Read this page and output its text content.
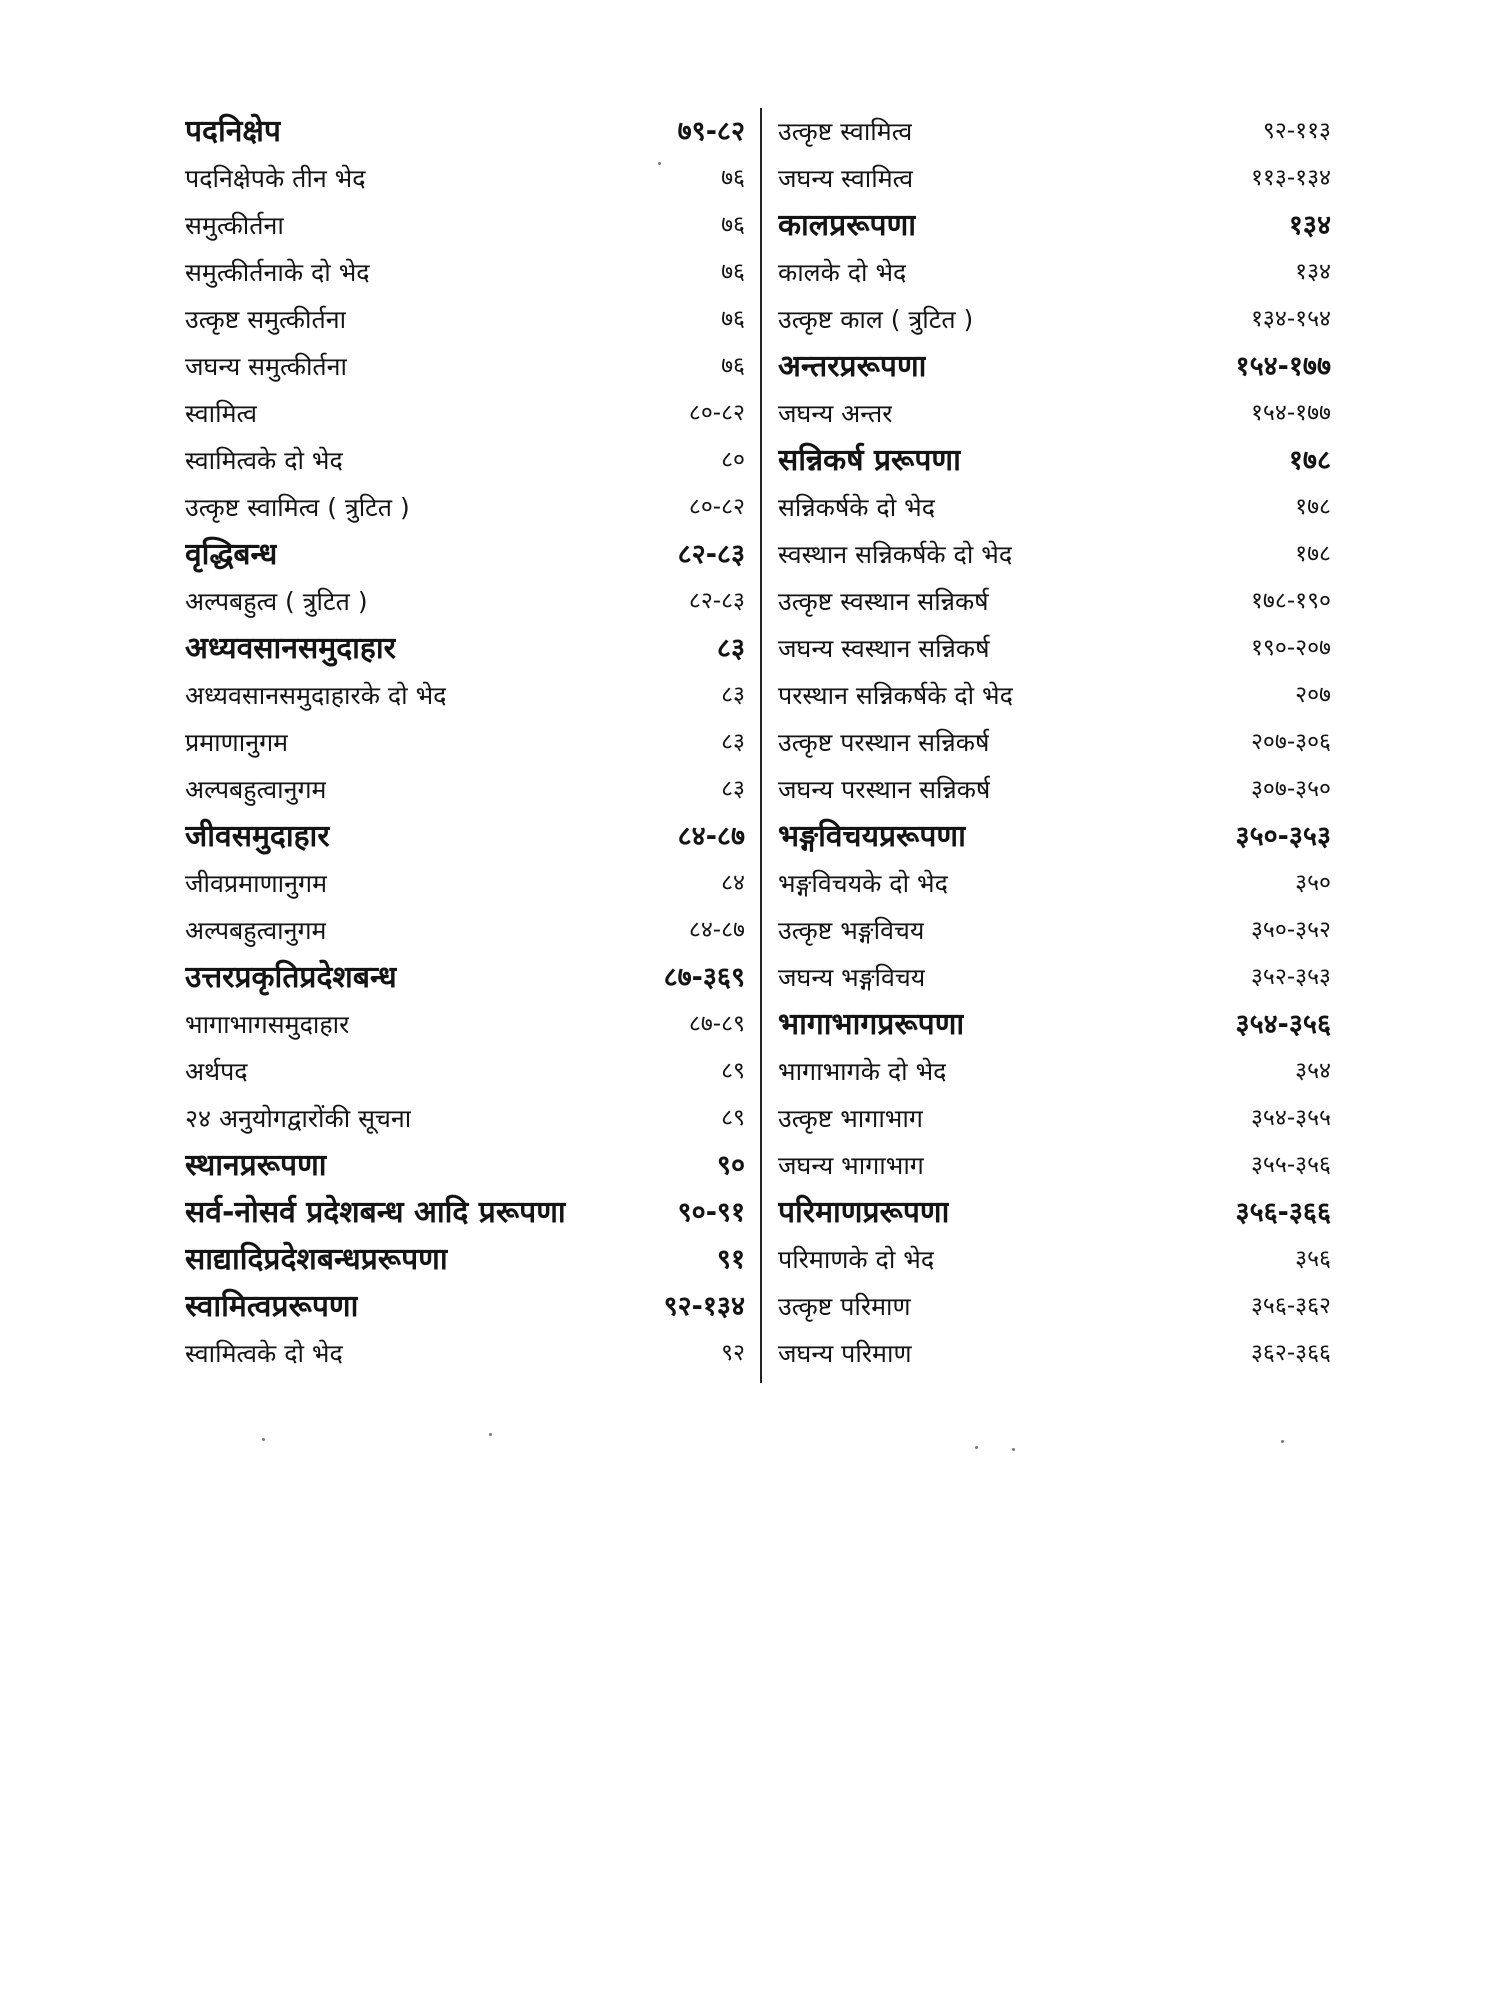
पदनिक्षेप	७९-८२
पदनिक्षेपके तीन भेद	७६
समुत्कीर्तना	७६
समुत्कीर्तनाके दो भेद	७६
उत्कृष्ट समुत्कीर्तना	७६
जघन्य समुत्कीर्तना	७६
स्वामित्व	८०-८२
स्वामित्वके दो भेद	८०
उत्कृष्ट स्वामित्व ( त्रुटित )	८०-८२
वृद्धिबन्ध	८२-८३
अल्पबहुत्व ( त्रुटित )	८२-८३
अध्यवसानसमुदाहार	८३
अध्यवसानसमुदाहारके दो भेद	८३
प्रमाणानुगम	८३
अल्पबहुत्वानुगम	८३
जीवसमुदाहार	८४-८७
जीवप्रमाणानुगम	८४
अल्पबहुत्वानुगम	८४-८७
उत्तरप्रकृतिप्रदेशबन्ध	८७-३६९
भागाभागसमुदाहार	८७-८९
अर्थपद	८९
२४ अनुयोगद्वारोंकी सूचना	८९
स्थानप्ररूपणा	९०
सर्व-नोसर्व प्रदेशबन्ध आदि प्ररूपणा	९०-९१
साद्यादिप्रदेशबन्धप्ररूपणा	९१
स्वामित्वप्ररूपणा	९२-१३४
स्वामित्वके दो भेद	९२
उत्कृष्ट स्वामित्व	९२-११३
जघन्य स्वामित्व	११३-१३४
कालप्ररूपणा	१३४
कालके दो भेद	१३४
उत्कृष्ट काल ( त्रुटित )	१३४-१५४
अन्तरप्ररूपणा	१५४-१७७
जघन्य अन्तर	१५४-१७७
सन्निकर्ष प्ररूपणा	१७८
सन्निकर्षके दो भेद	१७८
स्वस्थान सन्निकर्षके दो भेद	१७८
उत्कृष्ट स्वस्थान सन्निकर्ष	१७८-१९०
जघन्य स्वस्थान सन्निकर्ष	१९०-२०७
परस्थान सन्निकर्षके दो भेद	२०७
उत्कृष्ट परस्थान सन्निकर्ष	२०७-३०६
जघन्य परस्थान सन्निकर्ष	३०७-३५०
भङ्गविचयप्ररूपणा	३५०-३५३
भङ्गविचयके दो भेद	३५०
उत्कृष्ट भङ्गविचय	३५०-३५२
जघन्य भङ्गविचय	३५२-३५३
भागाभागप्ररूपणा	३५४-३५६
भागाभागके दो भेद	३५४
उत्कृष्ट भागाभाग	३५४-३५५
जघन्य भागाभाग	३५५-३५६
परिमाणप्ररूपणा	३५६-३६६
परिमाणके दो भेद	३५६
उत्कृष्ट परिमाण	३५६-३६२
जघन्य परिमाण	३६२-३६६
